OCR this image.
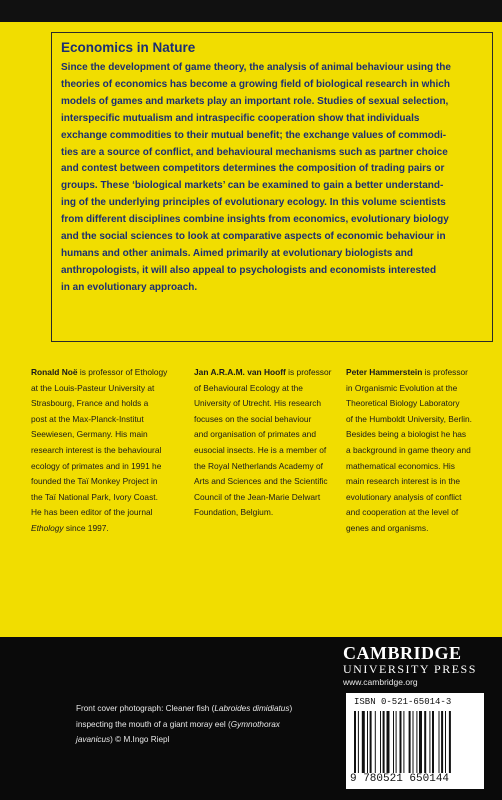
Economics in Nature
Since the development of game theory, the analysis of animal behaviour using the
theories of economics has become a growing field of biological research in which
models of games and markets play an important role. Studies of sexual selection,
interspecific mutualism and intraspecific cooperation show that individuals
exchange commodities to their mutual benefit; the exchange values of commodi-
ties are a source of conflict, and behavioural mechanisms such as partner choice
and contest between competitors determines the composition of trading pairs or
groups. These ‘biological markets’ can be examined to gain a better understand-
ing of the underlying principles of evolutionary ecology. In this volume scientists
from different disciplines combine insights from economics, evolutionary biology
and the social sciences to look at comparative aspects of economic behaviour in
humans and other animals. Aimed primarily at evolutionary biologists and
anthropologists, it will also appeal to psychologists and economists interested
in an evolutionary approach.
Ronald Noë is professor of Ethology
at the Louis-Pasteur University at
Strasbourg, France and holds a
post at the Max-Planck-Institut
Seewiesen, Germany. His main
research interest is the behavioural
ecology of primates and in 1991 he
founded the Taï Monkey Project in
the Taï National Park, Ivory Coast.
He has been editor of the journal
Ethology since 1997.
Jan A.R.A.M. van Hooff is professor
of Behavioural Ecology at the
University of Utrecht. His research
focuses on the social behaviour
and organisation of primates and
eusocial insects. He is a member of
the Royal Netherlands Academy of
Arts and Sciences and the Scientific
Council of the Jean-Marie Delwart
Foundation, Belgium.
Peter Hammerstein is professor
in Organismic Evolution at the
Theoretical Biology Laboratory
of the Humboldt University, Berlin.
Besides being a biologist he has
a background in game theory and
mathematical economics. His
main research interest is in the
evolutionary analysis of conflict
and cooperation at the level of
genes and organisms.
CAMBRIDGE
UNIVERSITY PRESS
www.cambridge.org
Front cover photograph: Cleaner fish (Labroides dimidiatus)
inspecting the mouth of a giant moray eel (Gymnothorax
javanicus) © M.Ingo Riepl
ISBN 0-521-65014-3
9 780521 650144
